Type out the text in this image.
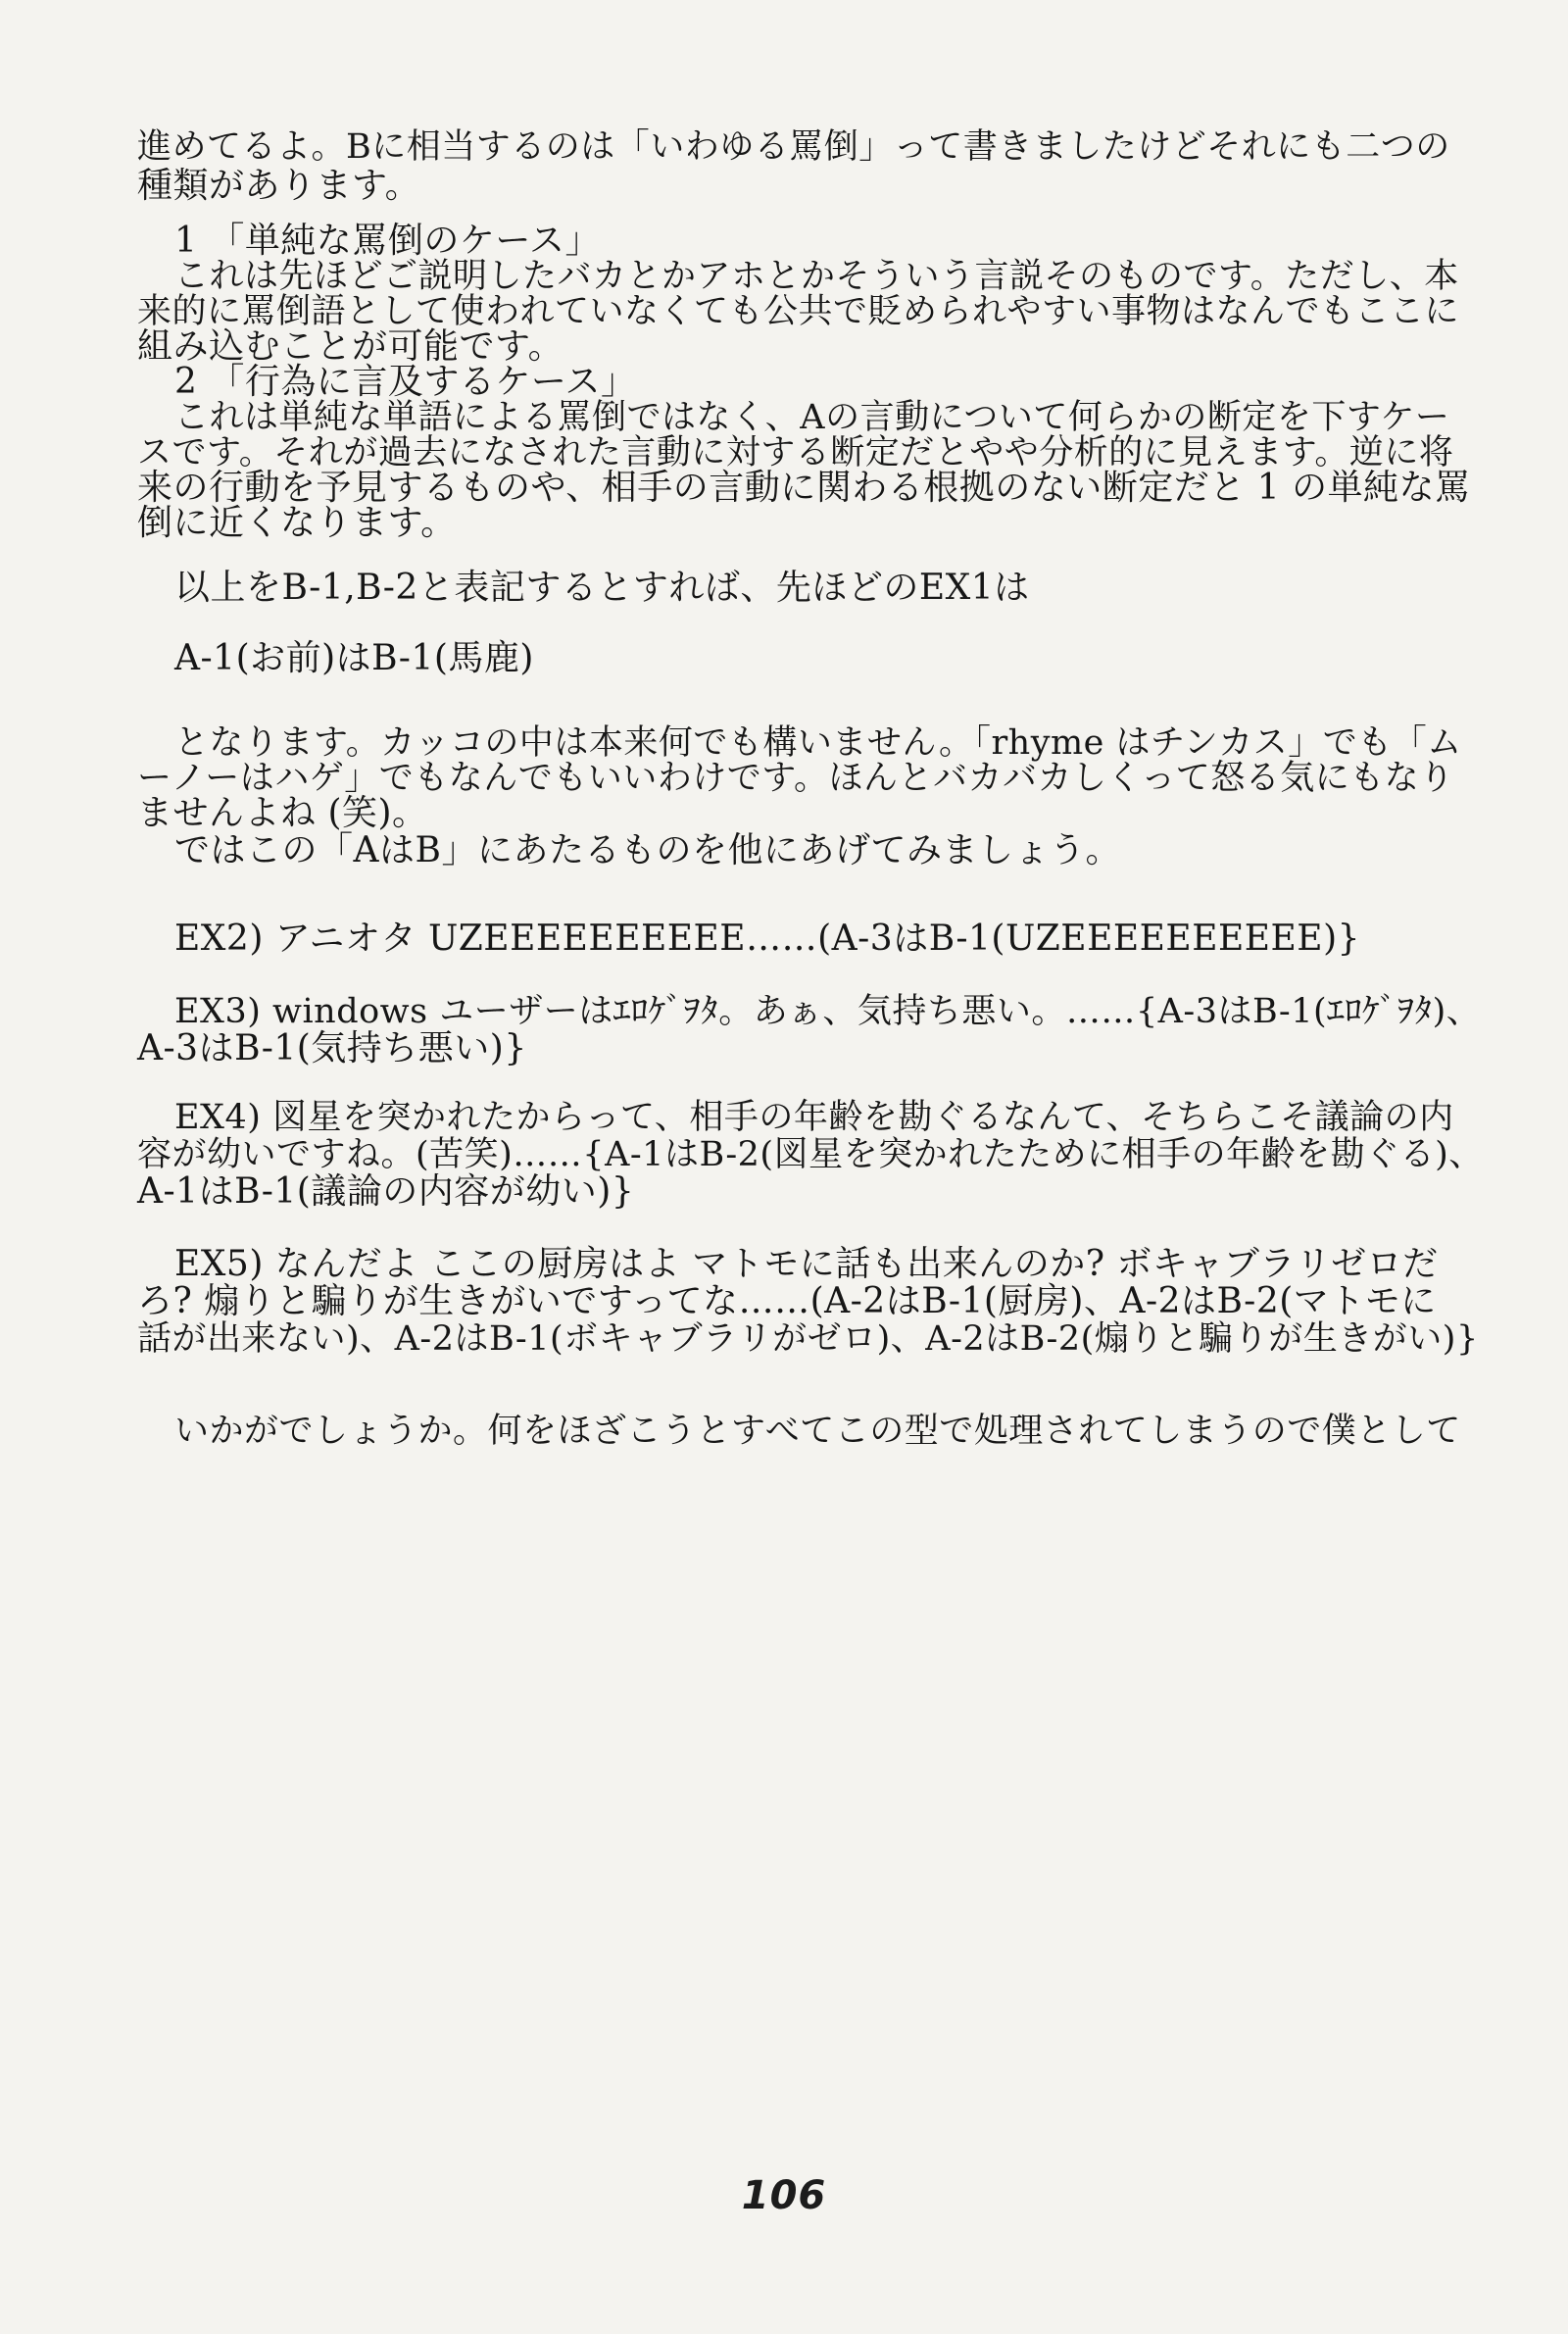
進めてるよ。Bに相当するのは「いわゆる罵倒」って書きましたけどそれにも二つの
種類があります。
1 「単純な罵倒のケース」
これは先ほどご説明したバカとかアホとかそういう言説そのものです。ただし、本
来的に罵倒語として使われていなくても公共で貶められやすい事物はなんでもここに
組み込むことが可能です。
2 「行為に言及するケース」
これは単純な単語による罵倒ではなく、Aの言動について何らかの断定を下すケー
スです。それが過去になされた言動に対する断定だとやや分析的に見えます。逆に将
来の行動を予見するものや、相手の言動に関わる根拠のない断定だと 1 の単純な罵
倒に近くなります。
以上をB-1,B-2と表記するとすれば、先ほどのEX1は
A-1(お前)はB-1(馬鹿)
となります。カッコの中は本来何でも構いません。「rhyme はチンカス」でも「ム
ーノーはハゲ」でもなんでもいいわけです。ほんとバカバカしくって怒る気にもなり
ませんよね (笑)。
ではこの「AはB」にあたるものを他にあげてみましょう。
EX2) アニオタ UZEEEEEEEEEE……(A-3はB-1(UZEEEEEEEEEE)}
EX3) windows ユーザーはｴﾛｹﾞｦﾀ。あぁ、気持ち悪い。……{A-3はB-1(ｴﾛｹﾞｦﾀ)、
A-3はB-1(気持ち悪い)}
EX4) 図星を突かれたからって、相手の年齢を勘ぐるなんて、そちらこそ議論の内
容が幼いですね。(苦笑)……{A-1はB-2(図星を突かれたために相手の年齢を勘ぐる)、
A-1はB-1(議論の内容が幼い)}
EX5) なんだよ ここの厨房はよ マトモに話も出来んのか? ボキャブラリゼロだ
ろ? 煽りと騙りが生きがいですってな……(A-2はB-1(厨房)、A-2はB-2(マトモに
話が出来ない)、A-2はB-1(ボキャブラリがゼロ)、A-2はB-2(煽りと騙りが生きがい)}
いかがでしょうか。何をほざこうとすべてこの型で処理されてしまうので僕として
106
